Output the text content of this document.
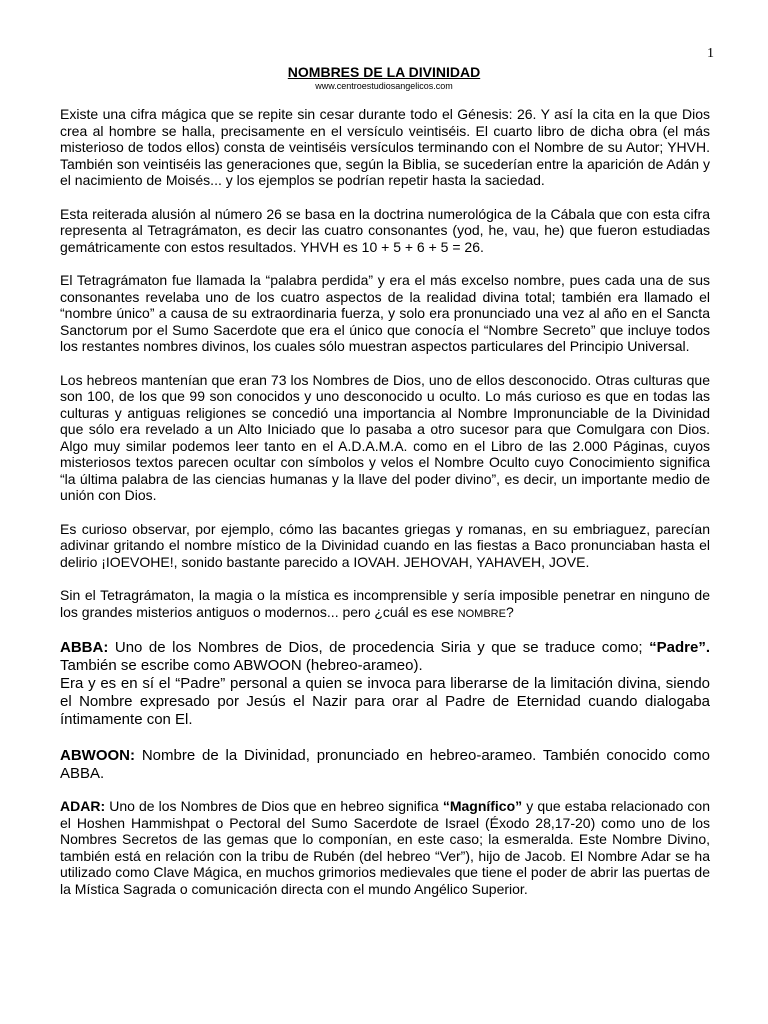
1

NOMBRES DE LA DIVINIDAD

www.centroestudiosangelicos.com

Existe una cifra mágica que se repite sin cesar durante todo el Génesis: 26. Y así la cita en la que Dios crea al hombre se halla, precisamente en el versículo veintiséis. El cuarto libro de dicha obra (el más misterioso de todos ellos) consta de veintiséis versículos terminando con el Nombre de su Autor; YHVH. También son veintiséis las generaciones que, según la Biblia, se sucederían entre la aparición de Adán y el nacimiento de Moisés... y los ejemplos se podrían repetir hasta la saciedad.

Esta reiterada alusión al número 26 se basa en la doctrina numerológica de la Cábala que con esta cifra representa al Tetragrámaton, es decir las cuatro consonantes (yod, he, vau, he) que fueron estudiadas gemátricamente con estos resultados. YHVH es 10 + 5 + 6 + 5 = 26.

El Tetragrámaton fue llamada la “palabra perdida” y era el más excelso nombre, pues cada una de sus consonantes revelaba uno de los cuatro aspectos de la realidad divina total; también era llamado el “nombre único” a causa de su extraordinaria fuerza, y solo era pronunciado una vez al año en el Sancta Sanctorum por el Sumo Sacerdote que era el único que conocía el “Nombre Secreto” que incluye todos los restantes nombres divinos, los cuales sólo muestran aspectos particulares del Principio Universal.

Los hebreos mantenían que eran 73 los Nombres de Dios, uno de ellos desconocido. Otras culturas que son 100, de los que 99 son conocidos y uno desconocido u oculto. Lo más curioso es que en todas las culturas y antiguas religiones se concedió una importancia al Nombre Impronunciable de la Divinidad que sólo era revelado a un Alto Iniciado que lo pasaba a otro sucesor para que Comulgara con Dios. Algo muy similar podemos leer tanto en el A.D.A.M.A. como en el Libro de las 2.000 Páginas, cuyos misteriosos textos parecen ocultar con símbolos y velos el Nombre Oculto cuyo Conocimiento significa “la última palabra de las ciencias humanas y la llave del poder divino”, es decir, un importante medio de unión con Dios.

Es curioso observar, por ejemplo, cómo las bacantes griegas y romanas, en su embriaguez, parecían adivinar gritando el nombre místico de la Divinidad cuando en las fiestas a Baco pronunciaban hasta el delirio ¡IOEVOHE!, sonido bastante parecido a IOVAH. JEHOVAH, YAHAVEH, JOVE.

Sin el Tetragrámaton, la magia o la mística es incomprensible y sería imposible penetrar en ninguno de los grandes misterios antiguos o modernos... pero ¿cuál es ese NOMBRE?

ABBA: Uno de los Nombres de Dios, de procedencia Siria y que se traduce como; “Padre”. También se escribe como ABWOON (hebreo-arameo).

Era y es en sí el “Padre” personal a quien se invoca para liberarse de la limitación divina, siendo el Nombre expresado por Jesús el Nazir para orar al Padre de Eternidad cuando dialogaba íntimamente con El.

ABWOON: Nombre de la Divinidad, pronunciado en hebreo-arameo. También conocido como ABBA.

ADAR: Uno de los Nombres de Dios que en hebreo significa “Magnífico” y que estaba relacionado con el Hoshen Hammishpat o Pectoral del Sumo Sacerdote de Israel (Éxodo 28,17-20) como uno de los Nombres Secretos de las gemas que lo componían, en este caso; la esmeralda. Este Nombre Divino, también está en relación con la tribu de Rubén (del hebreo “Ver”), hijo de Jacob. El Nombre Adar se ha utilizado como Clave Mágica, en muchos grimorios medievales que tiene el poder de abrir las puertas de la Mística Sagrada o comunicación directa con el mundo Angélico Superior.
